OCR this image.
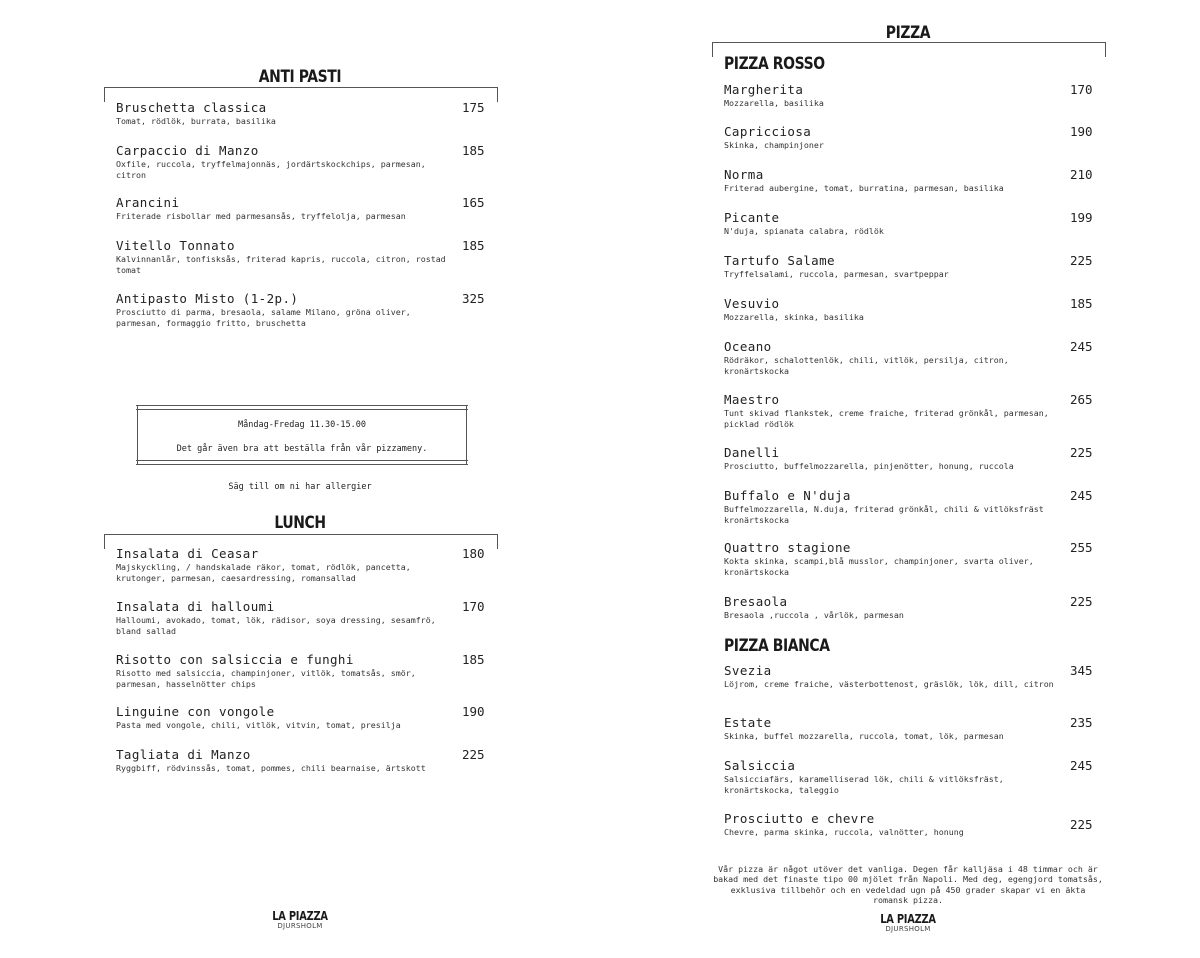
ANTI PASTI
Bruschetta classica
Tomat, rödlök, burrata, basilika
175
Carpaccio di Manzo
Oxfile, ruccola, tryffelmajonnäs, jordärtskockchips, parmesan, citron
185
Arancini
Friterade risbollar med parmesansås, tryffelolja, parmesan
165
Vitello Tonnato
Kalvinnanlår, tonfisksås, friterad kapris, ruccola, citron, rostad tomat
185
Antipasto Misto (1-2p.)
Prosciutto di parma, bresaola, salame Milano, gröna oliver, parmesan, formaggio fritto, bruschetta
325
Måndag-Fredag 11.30-15.00
Det går även bra att beställa från vår pizzameny.
Säg till om ni har allergier
LUNCH
Insalata di Ceasar
Majskyckling, / handskalade räkor, tomat, rödlök, pancetta, krutonger, parmesan, caesardressing, romansallad
180
Insalata di halloumi
Halloumi, avokado, tomat, lök, rädisor, soya dressing, sesamfrö, bland sallad
170
Risotto con salsiccia e funghi
Risotto med salsiccia, champinjoner, vitlök, tomatsås, smör, parmesan, hasselnötter chips
185
Linguine con vongole
Pasta med vongole, chili, vitlök, vitvin, tomat, presilja
190
Tagliata di Manzo
Ryggbiff, rödvinssås, tomat, pommes, chili bearnaise, ärtskott
225
LA PIAZZA
DJURSHOLM
PIZZA
PIZZA ROSSO
Margherita
Mozzarella, basilika
170
Capricciosa
Skinka, champinjoner
190
Norma
Friterad aubergine, tomat, burratina, parmesan, basilika
210
Picante
N'duja, spianata calabra, rödlök
199
Tartufo Salame
Tryffelsalami, ruccola, parmesan, svartpeppar
225
Vesuvio
Mozzarella, skinka, basilika
185
Oceano
Rödräkor, schalottenlök, chili, vitlök, persilja, citron, kronärtskocka
245
Maestro
Tunt skivad flankstek, creme fraiche, friterad grönkål, parmesan, picklad rödlök
265
Danelli
Prosciutto, buffelmozzarella, pinjenötter, honung, ruccola
225
Buffalo e N'duja
Buffelmozzarella, N.duja, friterad grönkål, chili & vitlöksfräst kronärtskocka
245
Quattro stagione
Kokta skinka, scampi,blå musslor, champinjoner, svarta oliver, kronärtskocka
255
Bresaola
Bresaola ,ruccola , vårlök, parmesan
225
PIZZA BIANCA
Svezia
Löjrom, creme fraiche, västerbottenost, gräslök, lök, dill, citron
345
Estate
Skinka, buffel mozzarella, ruccola, tomat, lök, parmesan
235
Salsiccia
Salsicciafärs, karamelliserad lök, chili & vitlöksfräst, kronärtskocka, taleggio
245
Prosciutto e chevre
Chevre, parma skinka, ruccola, valnötter, honung	225
Vår pizza är något utöver det vanliga. Degen får kalljäsa i 48 timmar och är bakad med det finaste tipo 00 mjölet från Napoli. Med deg, egengjord tomatsås, exklusiva tillbehör och en vedeldad ugn på 450 grader skapar vi en äkta romansk pizza.
LA PIAZZA
DJURSHOLM
